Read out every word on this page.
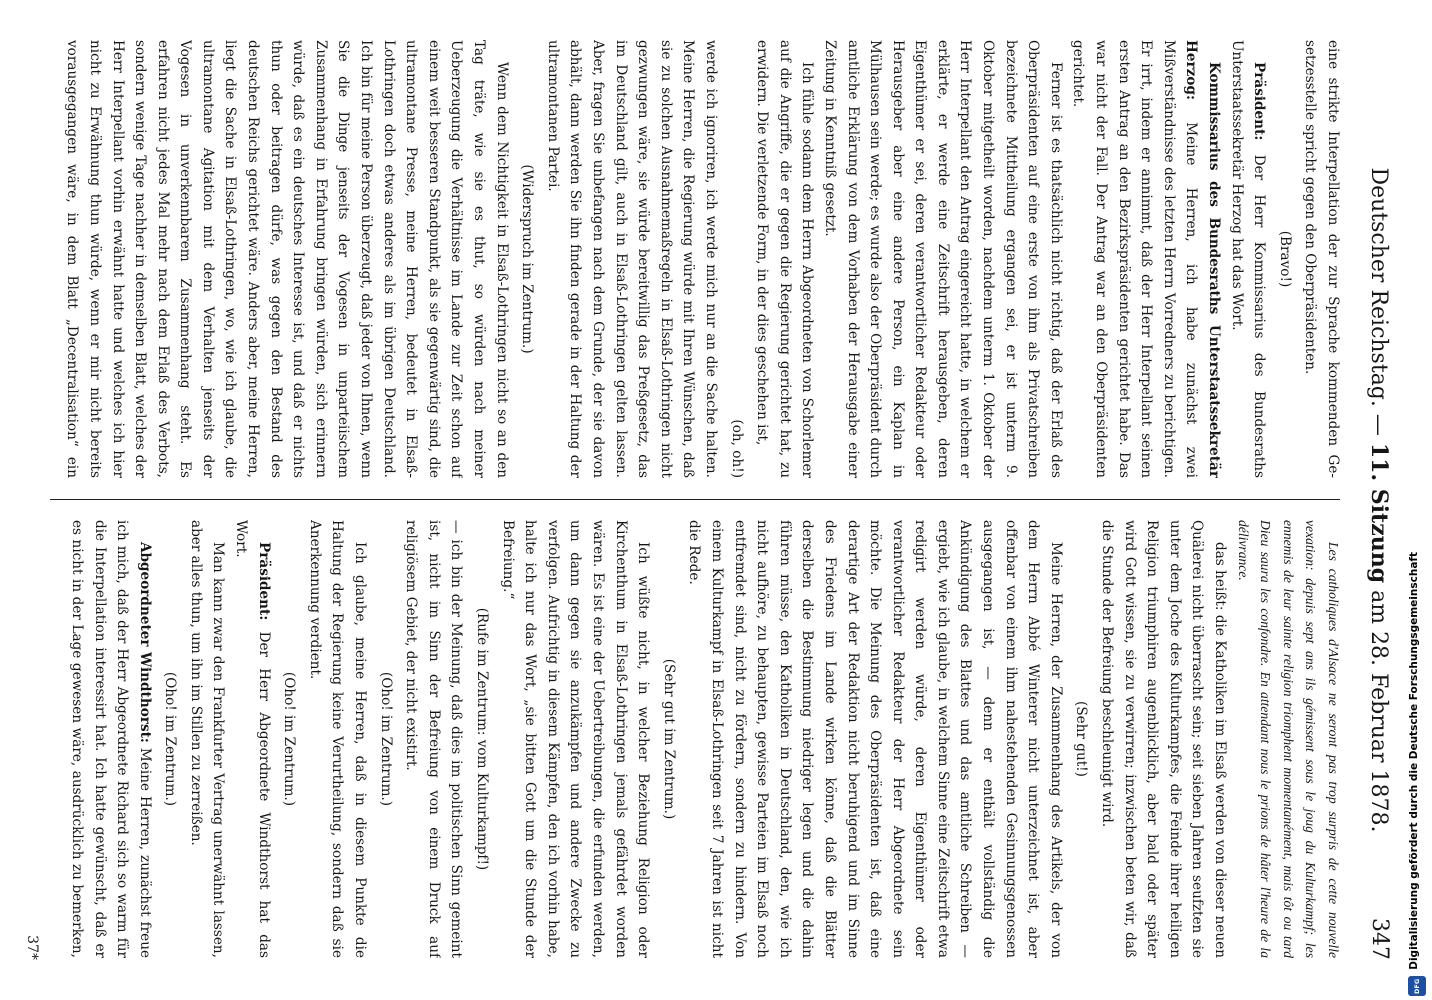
Deutscher Reichstag. — 11. Sitzung am 28. Februar 1878.
347

eine strikte Interpellation der zur Sprache kommenden Ge-setzesstelle spricht gegen den Oberpräsidenten.

(Bravo!)

Präsident: Der Herr Kommissarius des Bundesraths Unterstaatssekretär Herzog hat das Wort.

Kommissarius des Bundesraths Unterstaatssekretär Herzog: Meine Herren, ich habe zunächst zwei Mißverständnisse des letzten Herrn Vorredners zu berichtigen. Er irrt, indem er annimmt, daß der Herr Interpellant seinen ersten Antrag an den Bezirkspräsidenten gerichtet habe. Das war nicht der Fall. Der Antrag war an den Oberpräsidenten gerichtet.

Ferner ist es thatsächlich nicht richtig, daß der Erlaß des Oberpräsidenten auf eine erste von ihm als Privatschreiben bezeichnete Mittheilung ergangen sei, er ist unterm 9. Oktober mitgetheilt worden, nachdem unterm 1. Oktober der Herr Interpellant den Antrag eingereicht hatte, in welchem er erklärte, er werde eine Zeitschrift herausgeben, deren Eigenthümer er sei, deren verantwortlicher Redakteur oder Herausgeber aber eine andere Person, ein Kaplan in Mülhausen sein werde; es wurde also der Oberpräsident durch amtliche Erklärung von dem Vorhaben der Herausgabe einer Zeitung in Kenntniß gesetzt.

Ich fühle sodann dem Herrn Abgeordneten von Schorlemer auf die Angriffe, die er gegen die Regierung gerichtet hat, zu erwidern. Die verletzende Form, in der dies geschehen ist,

(oh, oh!)

werde ich ignoriren, ich werde mich nur an die Sache halten. Meine Herren, die Regierung würde mit Ihren Wünschen, daß sie zu solchen Ausnahmemaßregeln in Elsaß-Lothringen nicht gezwungen wäre, sie würde bereitwillig das Preßgesetz, das im Deutschland gilt, auch in Elsaß-Lothringen gelten lassen. Aber, fragen Sie unbefangen nach dem Grunde, der sie davon abhält, dann werden Sie ihn finden gerade in der Haltung der ultramontanen Partei.

(Widerspruch im Zentrum.)

Wenn dem Nichtigkeit in Elsaß-Lothringen nicht so an den Tag träte, wie sie es thut, so würden nach meiner Ueberzeugung die Verhältnisse im Lande zur Zeit schon auf einem weit besseren Standpunkt, als sie gegenwärtig sind, die ultramontane Presse, meine Herren, bedeutet in Elsaß-Lothringen doch etwas anderes als im übrigen Deutschland. Ich bin für meine Person überzeugt, daß jeder von Ihnen, wenn Sie die Dinge jenseits der Vogesen in unparteiischem Zusammenhang in Erfahrung bringen würden, sich erinnern würde, daß es ein deutsches Interesse ist, und daß er nichts thun oder beitragen dürfe, was gegen den Bestand des deutschen Reichs gerichtet wäre. Anders aber, meine Herren, liegt die Sache in Elsaß-Lothringen, wo, wie ich glaube, die ultramontane Agitation mit dem Verhalten jenseits der Vogesen in unverkennbarem Zusammenhang steht. Es erfahren nicht jedes Mal mehr nach dem Erlaß des Verbots, sondern wenige Tage nachher in demselben Blatt, welches der Herr Interpellant vorhin erwähnt hatte und welches ich hier nicht zu Erwähnung thun würde, wenn er mir nicht bereits vorausgegangen wäre, in dem Blatt „Decentralisation“ ein

Les catholiques d'Alsace ne seront pas trop surpris de cette nouvelle vexation: depuis sept ans ils gémissent sous le joug du Kulturkampf; les ennemis de leur sainte religion triomphent momentanément, mais tôt ou tard Dieu saura les confondre. En attendant nous le prions de hâter l'heure de la délivrance.

das heißt: die Katholiken im Elsaß werden von dieser neuen Quälerei nicht überrascht sein; seit sieben Jahren seufzten sie unter dem Joche des Kulturkampfes, die Feinde ihrer heiligen Religion triumphiren augenblicklich, aber bald oder später wird Gott wissen, sie zu verwirren; inzwischen beten wir, daß die Stunde der Befreiung beschleunigt wird.

(Sehr gut!)

Meine Herren, der Zusammenhang des Artikels, der von dem Herrn Abbé Winterer nicht unterzeichnet ist, aber offenbar von einem ihm nahestehenden Gesinnungsgenossen ausgegangen ist, — denn er enthält vollständig die Ankündigung des Blattes und das amtliche Schreiben — ergiebt, wie ich glaube, in welchem Sinne eine Zeitschrift etwa redigirt werden würde, deren Eigenthümer oder verantwortlicher Redakteur der Herr Abgeordnete sein möchte. Die Meinung des Oberpräsidenten ist, daß eine derartige Art der Redaktion nicht beruhigend und im Sinne des Friedens im Lande wirken könne, daß die Blätter derselben die Bestimmung niedriger legen und die dahin führen müsse, den Katholiken in Deutschland, den, wie ich nicht aufhöre, zu behaupten, gewisse Parteien im Elsaß noch entfremdet sind, nicht zu fördern, sondern zu hindern. Von einem Kulturkampf in Elsaß-Lothringen seit 7 Jahren ist nicht die Rede.

(Sehr gut im Zentrum.)

Ich wüßte nicht, in welcher Beziehung Religion oder Kirchenthum in Elsaß-Lothringen jemals gefährdet worden wären. Es ist eine der Uebertreibungen, die erfunden werden, um dann gegen sie anzukämpfen und andere Zwecke zu verfolgen. Aufrichtig in diesem Kämpfen, den ich vorhin habe, halte ich nur das Wort, „sie bitten Gott um die Stunde der Befreiung.“

(Rufe im Zentrum: vom Kulturkampf!)

— ich bin der Meinung, daß dies im politischen Sinn gemeint ist, nicht im Sinn der Befreiung von einem Druck auf religiösem Gebiet, der nicht existirt.

(Oho! im Zentrum.)

Ich glaube, meine Herren, daß in diesem Punkte die Haltung der Regierung keine Verurtheilung, sondern daß sie Anerkennung verdient.

(Oho! im Zentrum.)

Präsident: Der Herr Abgeordnete Windthorst hat das Wort.

Man kann zwar den Frankfurter Vertrag unerwähnt lassen, aber alles thun, um ihn im Stillen zu zerreißen.

(Oho! im Zentrum.)

Abgeordneter Windthorst: Meine Herren, zunächst freue ich mich, daß der Herr Abgeordnete Richard sich so warm für die Interpellation interessirt hat. Ich hatte gewünscht, daß er es nicht in der Lage gewesen wäre, ausdrücklich zu bemerken,

37*	Digitalisierung gefördert durch die Deutsche Forschungsgemeinschaft
DFG
